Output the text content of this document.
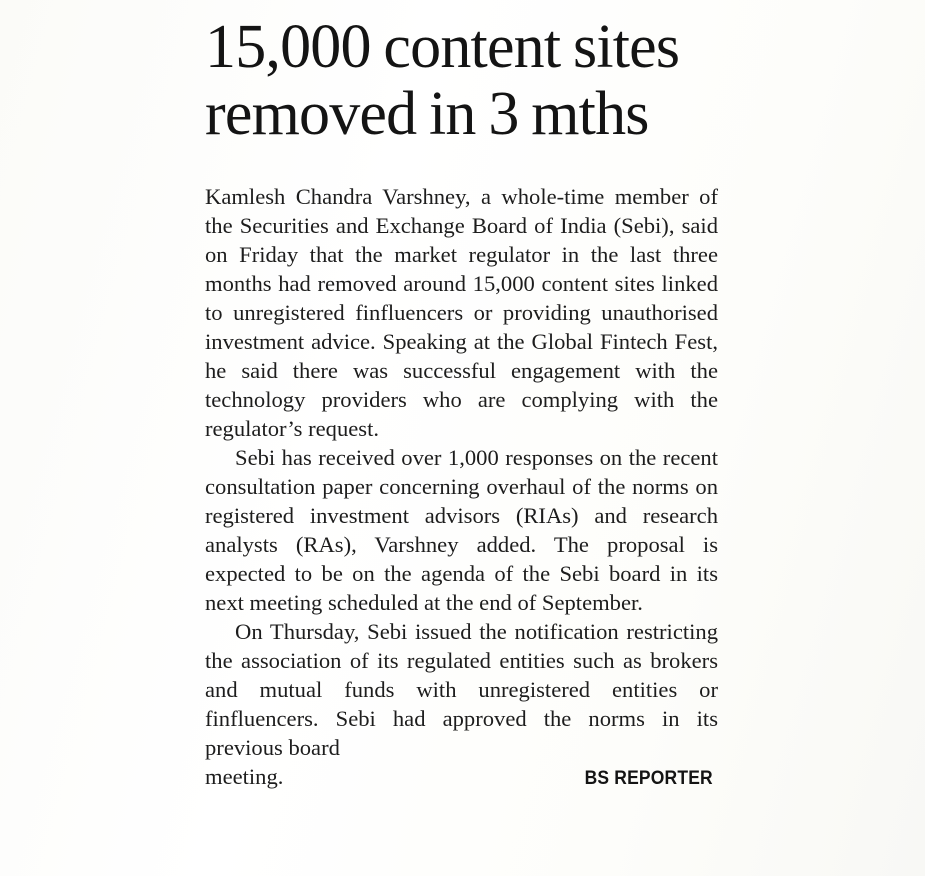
15,000 content sites
removed in 3 mths

Kamlesh Chandra Varshney, a whole-time member of the Securities and Exchange Board of India (Sebi), said on Friday that the market regulator in the last three months had removed around 15,000 content sites linked to unregistered finfluencers or providing unauthorised investment advice. Speaking at the Global Fintech Fest, he said there was successful engagement with the technology providers who are complying with the regulator’s request.

Sebi has received over 1,000 responses on the recent consultation paper concerning overhaul of the norms on registered investment advisors (RIAs) and research analysts (RAs), Varshney added. The proposal is expected to be on the agenda of the Sebi board in its next meeting scheduled at the end of September.

On Thursday, Sebi issued the notification restricting the association of its regulated entities such as brokers and mutual funds with unregistered entities or finfluencers. Sebi had approved the norms in its previous board

meeting.	BS REPORTER
